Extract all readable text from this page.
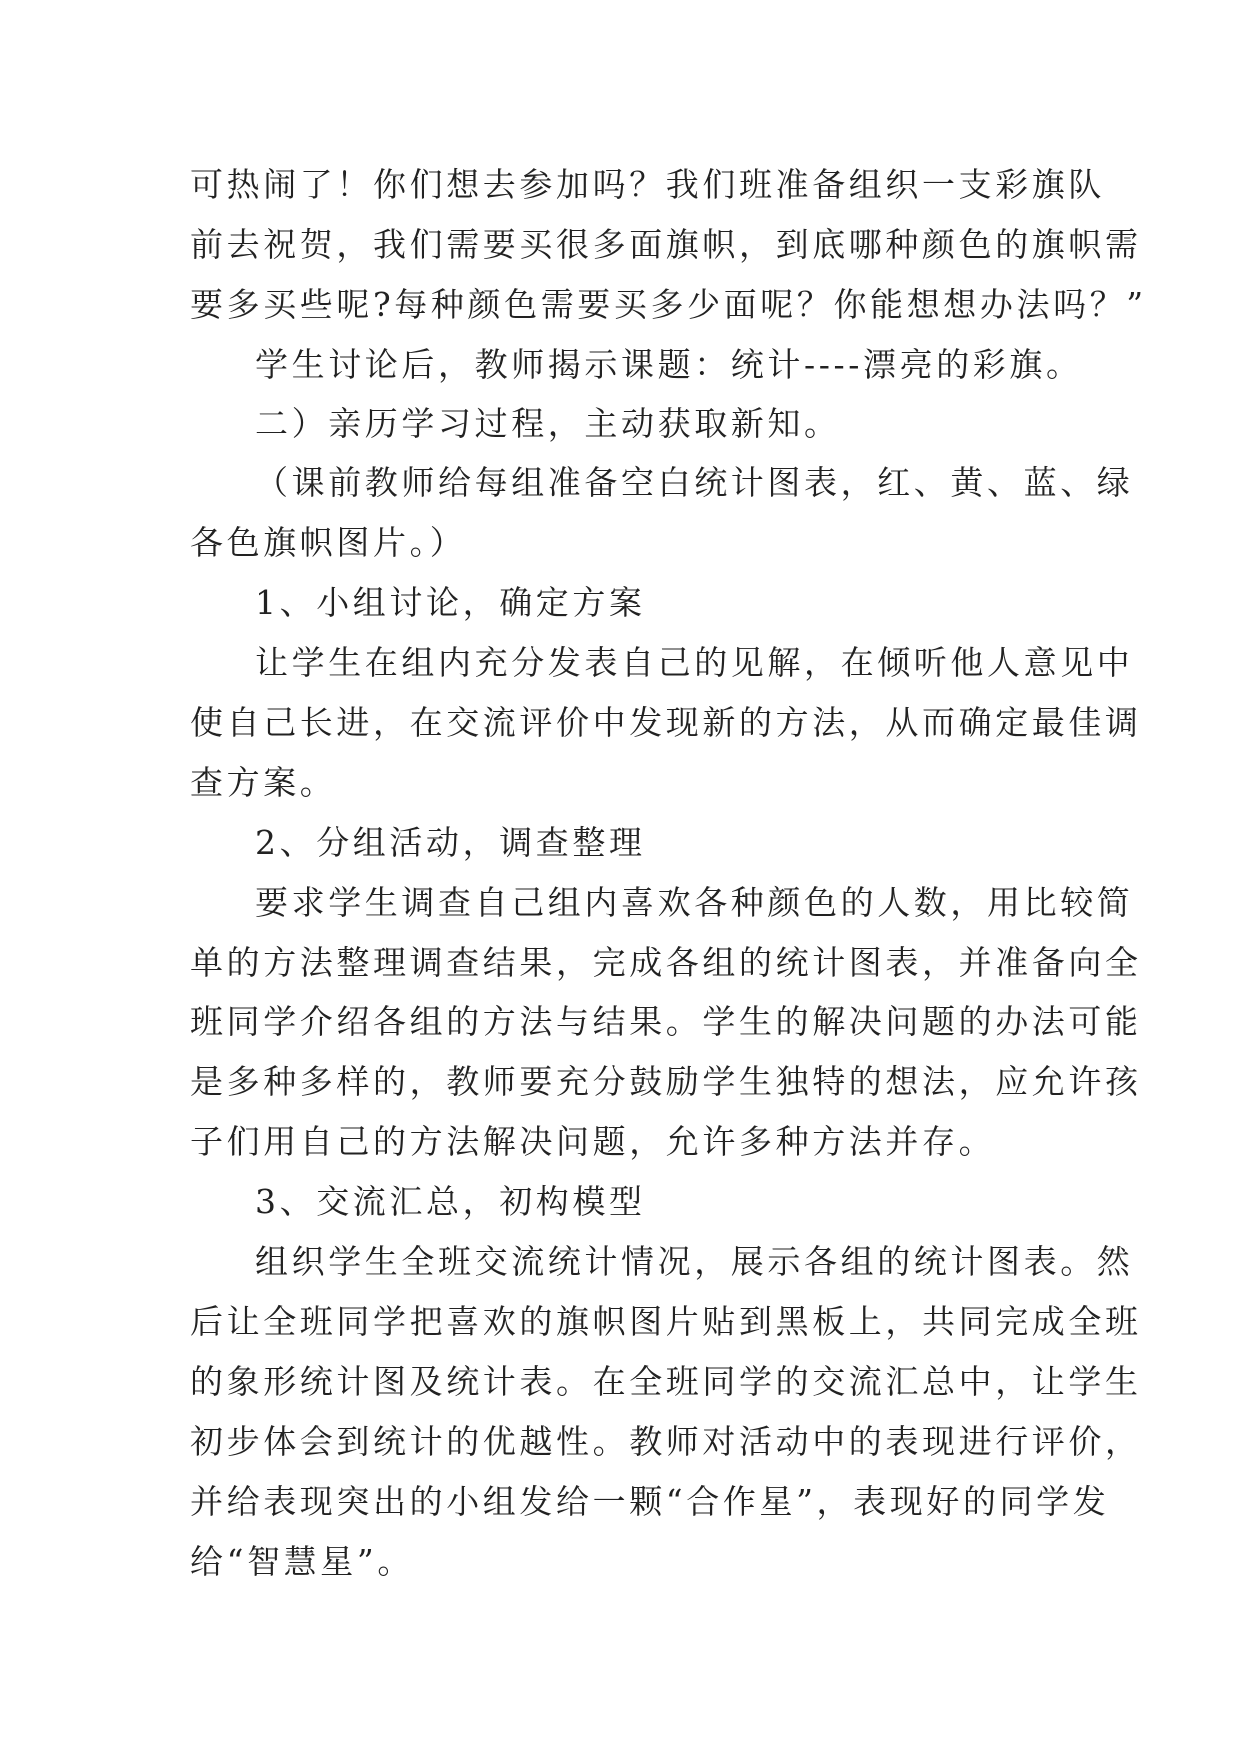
可热闹了！你们想去参加吗？我们班准备组织一支彩旗队
前去祝贺，我们需要买很多面旗帜，到底哪种颜色的旗帜需
要多买些呢?每种颜色需要买多少面呢？你能想想办法吗？”
学生讨论后，教师揭示课题：统计----漂亮的彩旗。
二）亲历学习过程，主动获取新知。
（课前教师给每组准备空白统计图表，红、黄、蓝、绿
各色旗帜图片。）
1、小组讨论，确定方案
让学生在组内充分发表自己的见解，在倾听他人意见中
使自己长进，在交流评价中发现新的方法，从而确定最佳调
查方案。
2、分组活动，调查整理
要求学生调查自己组内喜欢各种颜色的人数，用比较简
单的方法整理调查结果，完成各组的统计图表，并准备向全
班同学介绍各组的方法与结果。学生的解决问题的办法可能
是多种多样的，教师要充分鼓励学生独特的想法，应允许孩
子们用自己的方法解决问题，允许多种方法并存。
3、交流汇总，初构模型
组织学生全班交流统计情况，展示各组的统计图表。然
后让全班同学把喜欢的旗帜图片贴到黑板上，共同完成全班
的象形统计图及统计表。在全班同学的交流汇总中，让学生
初步体会到统计的优越性。教师对活动中的表现进行评价，
并给表现突出的小组发给一颗“合作星”，表现好的同学发
给“智慧星”。
